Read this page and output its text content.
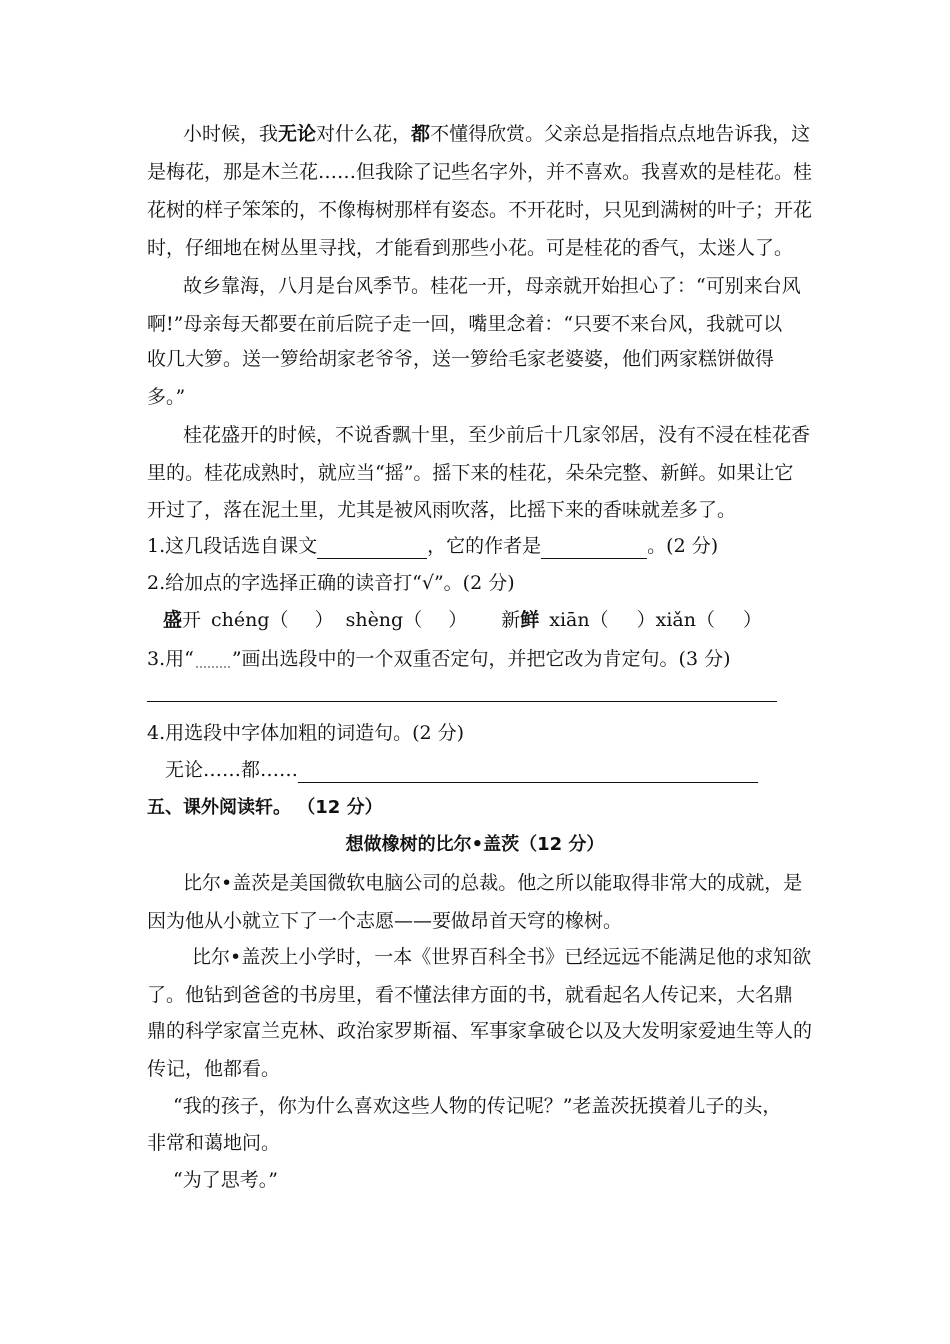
小时候，我无论对什么花，都不懂得欣赏。父亲总是指指点点地告诉我，这
是梅花，那是木兰花……但我除了记些名字外，并不喜欢。我喜欢的是桂花。桂
花树的样子笨笨的，不像梅树那样有姿态。不开花时，只见到满树的叶子；开花
时，仔细地在树丛里寻找，才能看到那些小花。可是桂花的香气，太迷人了。
故乡靠海，八月是台风季节。桂花一开，母亲就开始担心了：“可别来台风
啊!”母亲每天都要在前后院子走一回，嘴里念着：“只要不来台风，我就可以
收几大箩。送一箩给胡家老爷爷，送一箩给毛家老婆婆，他们两家糕饼做得
多。”
桂花盛开的时候，不说香飘十里，至少前后十几家邻居，没有不浸在桂花香
里的。桂花成熟时，就应当“摇”。摇下来的桂花，朵朵完整、新鲜。如果让它
开过了，落在泥土里，尤其是被风雨吹落，比摇下来的香味就差多了。
1.这几段话选自课文	，它的作者是	。(2 分)
2.给加点的字选择正确的读音打“√”。(2 分)
盛开 chéng（ ） shèng（ ） 新鲜 xiān（ ）xiǎn（ ）
3.用“ ”画出选段中的一个双重否定句，并把它改为肯定句。(3 分)
4.用选段中字体加粗的词造句。(2 分)
无论……都……
五、课外阅读轩。 （12 分）
想做橡树的比尔•盖茨（12 分）
比尔•盖茨是美国微软电脑公司的总裁。他之所以能取得非常大的成就，是
因为他从小就立下了一个志愿——要做昂首天穹的橡树。
比尔•盖茨上小学时，一本《世界百科全书》已经远远不能满足他的求知欲
了。他钻到爸爸的书房里，看不懂法律方面的书，就看起名人传记来，大名鼎
鼎的科学家富兰克林、政治家罗斯福、军事家拿破仑以及大发明家爱迪生等人的
传记，他都看。
“我的孩子，你为什么喜欢这些人物的传记呢？”老盖茨抚摸着儿子的头，
非常和蔼地问。
“为了思考。”
